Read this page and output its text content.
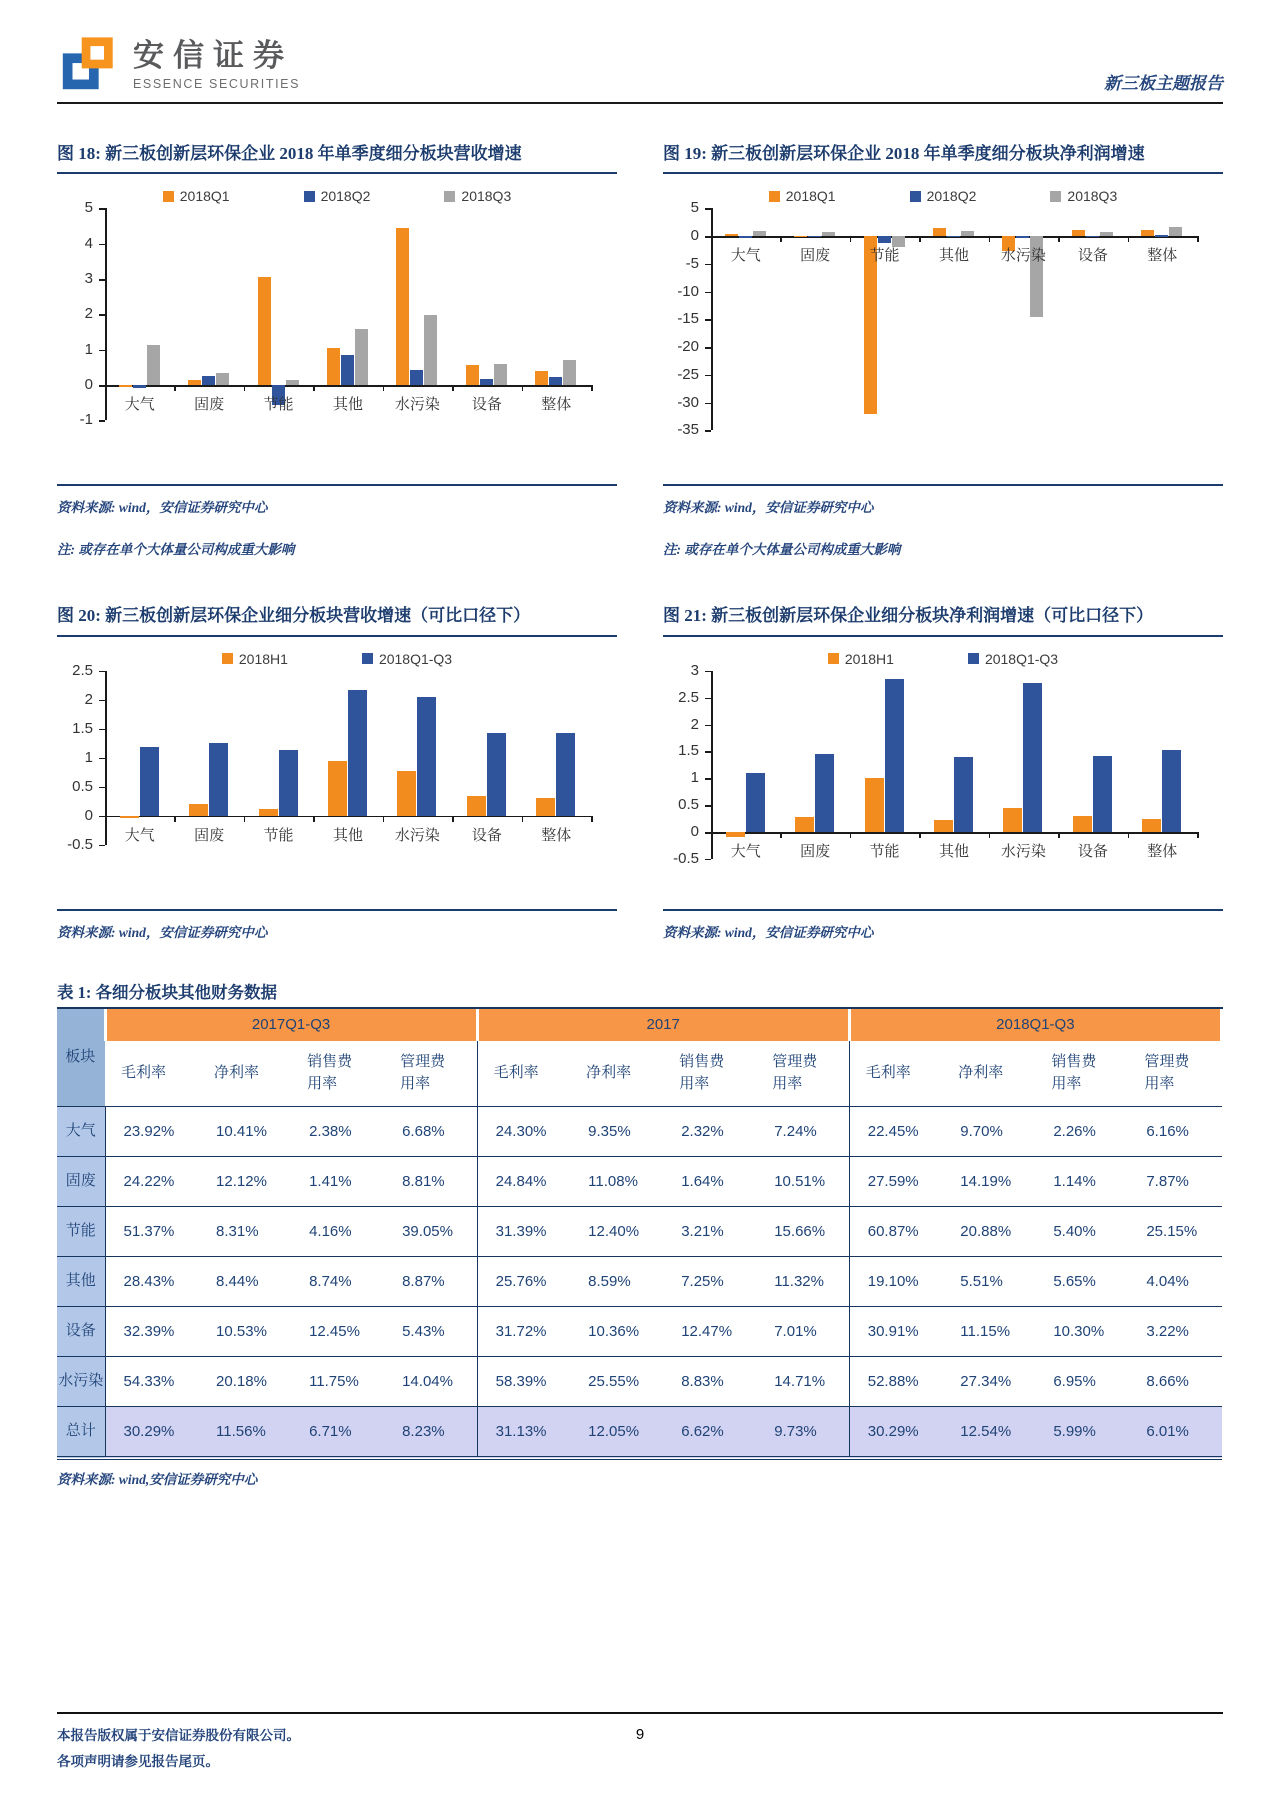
安信证券
ESSENCE SECURITIES	新三板主题报告
图 18: 新三板创新层环保企业 2018 年单季度细分板块营收增速
2018Q1	2018Q2	2018Q3
5
4
3
2
1
0
-1
大气	固废	节能	其他	水污染	设备	整体
资料来源: wind，安信证券研究中心
注: 或存在单个大体量公司构成重大影响
图 19: 新三板创新层环保企业 2018 年单季度细分板块净利润增速
2018Q1	2018Q2	2018Q3
5
0
-5
-10
-15
-20
-25
-30
-35
大气	固废	节能	其他	水污染	设备	整体
资料来源: wind，安信证券研究中心
注: 或存在单个大体量公司构成重大影响
图 20: 新三板创新层环保企业细分板块营收增速（可比口径下）
2018H1	2018Q1-Q3
2.5
2
1.5
1
0.5
0
-0.5
大气	固废	节能	其他	水污染	设备	整体
资料来源: wind，安信证券研究中心
图 21: 新三板创新层环保企业细分板块净利润增速（可比口径下）
2018H1	2018Q1-Q3
3
2.5
2
1.5
1
0.5
0
-0.5	大气	固废	节能	其他	水污染	设备	整体
资料来源: wind，安信证券研究中心
表 1: 各细分板块其他财务数据
板块	2017Q1-Q3				2017				2018Q1-Q3			
	毛利率	净利率	销售费用率	管理费用率	毛利率	净利率	销售费用率	管理费用率	毛利率	净利率	销售费用率	管理费用率
大气	23.92%	10.41%	2.38%	6.68%	24.30%	9.35%	2.32%	7.24%	22.45%	9.70%	2.26%	6.16%
固废	24.22%	12.12%	1.41%	8.81%	24.84%	11.08%	1.64%	10.51%	27.59%	14.19%	1.14%	7.87%
节能	51.37%	8.31%	4.16%	39.05%	31.39%	12.40%	3.21%	15.66%	60.87%	20.88%	5.40%	25.15%
其他	28.43%	8.44%	8.74%	8.87%	25.76%	8.59%	7.25%	11.32%	19.10%	5.51%	5.65%	4.04%
设备	32.39%	10.53%	12.45%	5.43%	31.72%	10.36%	12.47%	7.01%	30.91%	11.15%	10.30%	3.22%
水污染	54.33%	20.18%	11.75%	14.04%	58.39%	25.55%	8.83%	14.71%	52.88%	27.34%	6.95%	8.66%
总计	30.29%	11.56%	6.71%	8.23%	31.13%	12.05%	6.62%	9.73%	30.29%	12.54%	5.99%	6.01%
资料来源: wind,安信证券研究中心
本报告版权属于安信证券股份有限公司。
各项声明请参见报告尾页。
9
